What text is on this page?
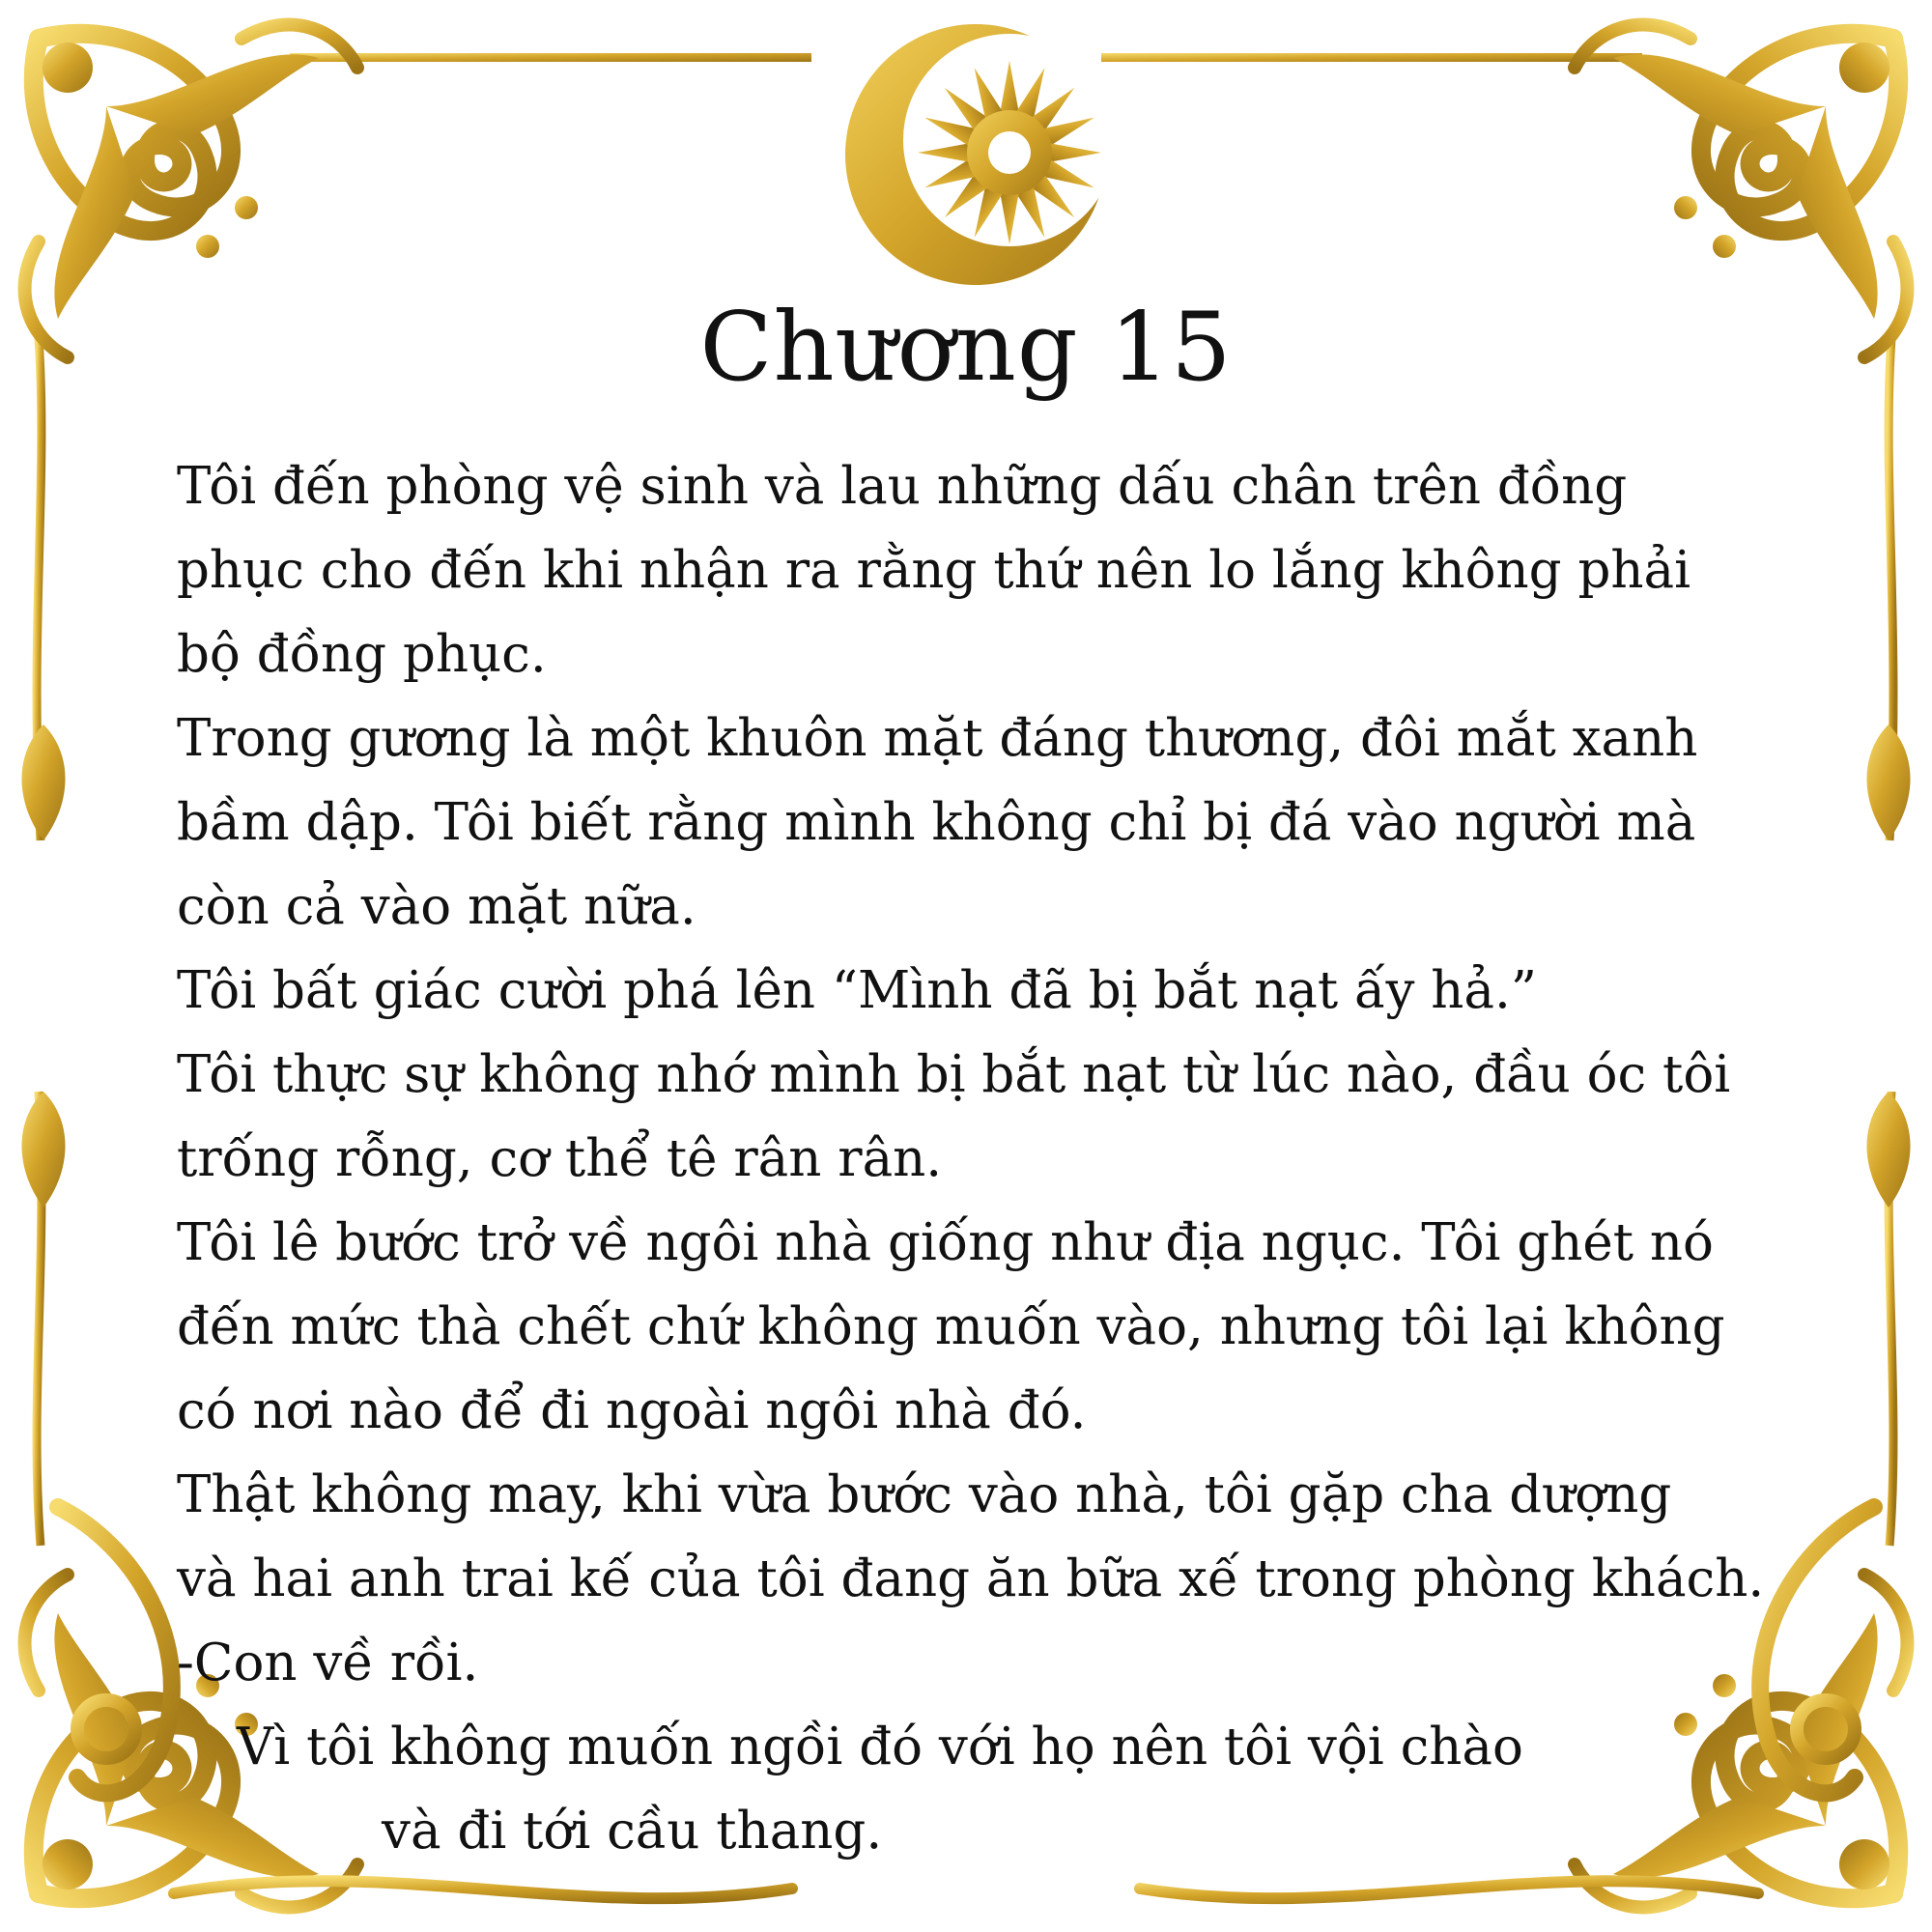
Chương 15
Tôi đến phòng vệ sinh và lau những dấu chân trên đồng
phục cho đến khi nhận ra rằng thứ nên lo lắng không phải
bộ đồng phục.
Trong gương là một khuôn mặt đáng thương, đôi mắt xanh
bầm dập. Tôi biết rằng mình không chỉ bị đá vào người mà
còn cả vào mặt nữa.
Tôi bất giác cười phá lên “Mình đã bị bắt nạt ấy hả.”
Tôi thực sự không nhớ mình bị bắt nạt từ lúc nào, đầu óc tôi
trống rỗng, cơ thể tê rân rân.
Tôi lê bước trở về ngôi nhà giống như địa ngục. Tôi ghét nó
đến mức thà chết chứ không muốn vào, nhưng tôi lại không
có nơi nào để đi ngoài ngôi nhà đó.
Thật không may, khi vừa bước vào nhà, tôi gặp cha dượng
và hai anh trai kế của tôi đang ăn bữa xế trong phòng khách.
-Con về rồi.
Vì tôi không muốn ngồi đó với họ nên tôi vội chào
và đi tới cầu thang.
